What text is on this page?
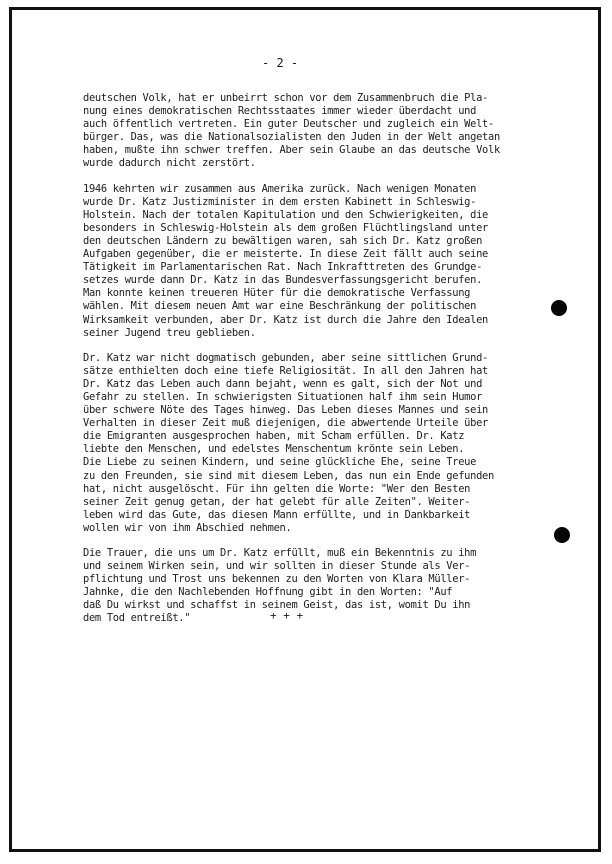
- 2 -

deutschen Volk, hat er unbeirrt schon vor dem Zusammenbruch die Pla-
nung eines demokratischen Rechtsstaates immer wieder überdacht und
auch öffentlich vertreten. Ein guter Deutscher und zugleich ein Welt-
bürger. Das, was die Nationalsozialisten den Juden in der Welt angetan
haben, mußte ihn schwer treffen. Aber sein Glaube an das deutsche Volk
wurde dadurch nicht zerstört.

1946 kehrten wir zusammen aus Amerika zurück. Nach wenigen Monaten
wurde Dr. Katz Justizminister in dem ersten Kabinett in Schleswig-
Holstein. Nach der totalen Kapitulation und den Schwierigkeiten, die
besonders in Schleswig-Holstein als dem großen Flüchtlingsland unter
den deutschen Ländern zu bewältigen waren, sah sich Dr. Katz großen
Aufgaben gegenüber, die er meisterte. In diese Zeit fällt auch seine
Tätigkeit im Parlamentarischen Rat. Nach Inkrafttreten des Grundge-
setzes wurde dann Dr. Katz in das Bundesverfassungsgericht berufen.
Man konnte keinen treueren Hüter für die demokratische Verfassung
wählen. Mit diesem neuen Amt war eine Beschränkung der politischen
Wirksamkeit verbunden, aber Dr. Katz ist durch die Jahre den Idealen
seiner Jugend treu geblieben.

Dr. Katz war nicht dogmatisch gebunden, aber seine sittlichen Grund-
sätze enthielten doch eine tiefe Religiosität. In all den Jahren hat
Dr. Katz das Leben auch dann bejaht, wenn es galt, sich der Not und
Gefahr zu stellen. In schwierigsten Situationen half ihm sein Humor
über schwere Nöte des Tages hinweg. Das Leben dieses Mannes und sein
Verhalten in dieser Zeit muß diejenigen, die abwertende Urteile über
die Emigranten ausgesprochen haben, mit Scham erfüllen. Dr. Katz
liebte den Menschen, und edelstes Menschentum krönte sein Leben.
Die Liebe zu seinen Kindern, und seine glückliche Ehe, seine Treue
zu den Freunden, sie sind mit diesem Leben, das nun ein Ende gefunden
hat, nicht ausgelöscht. Für ihn gelten die Worte: "Wer den Besten
seiner Zeit genug getan, der hat gelebt für alle Zeiten". Weiter-
leben wird das Gute, das diesen Mann erfüllte, und in Dankbarkeit
wollen wir von ihm Abschied nehmen.

Die Trauer, die uns um Dr. Katz erfüllt, muß ein Bekenntnis zu ihm
und seinem Wirken sein, und wir sollten in dieser Stunde als Ver-
pflichtung und Trost uns bekennen zu den Worten von Klara Müller-
Jahnke, die den Nachlebenden Hoffnung gibt in den Worten: "Auf
daß Du wirkst und schaffst in seinem Geist, das ist, womit Du ihn
dem Tod entreißt."	+ + +
